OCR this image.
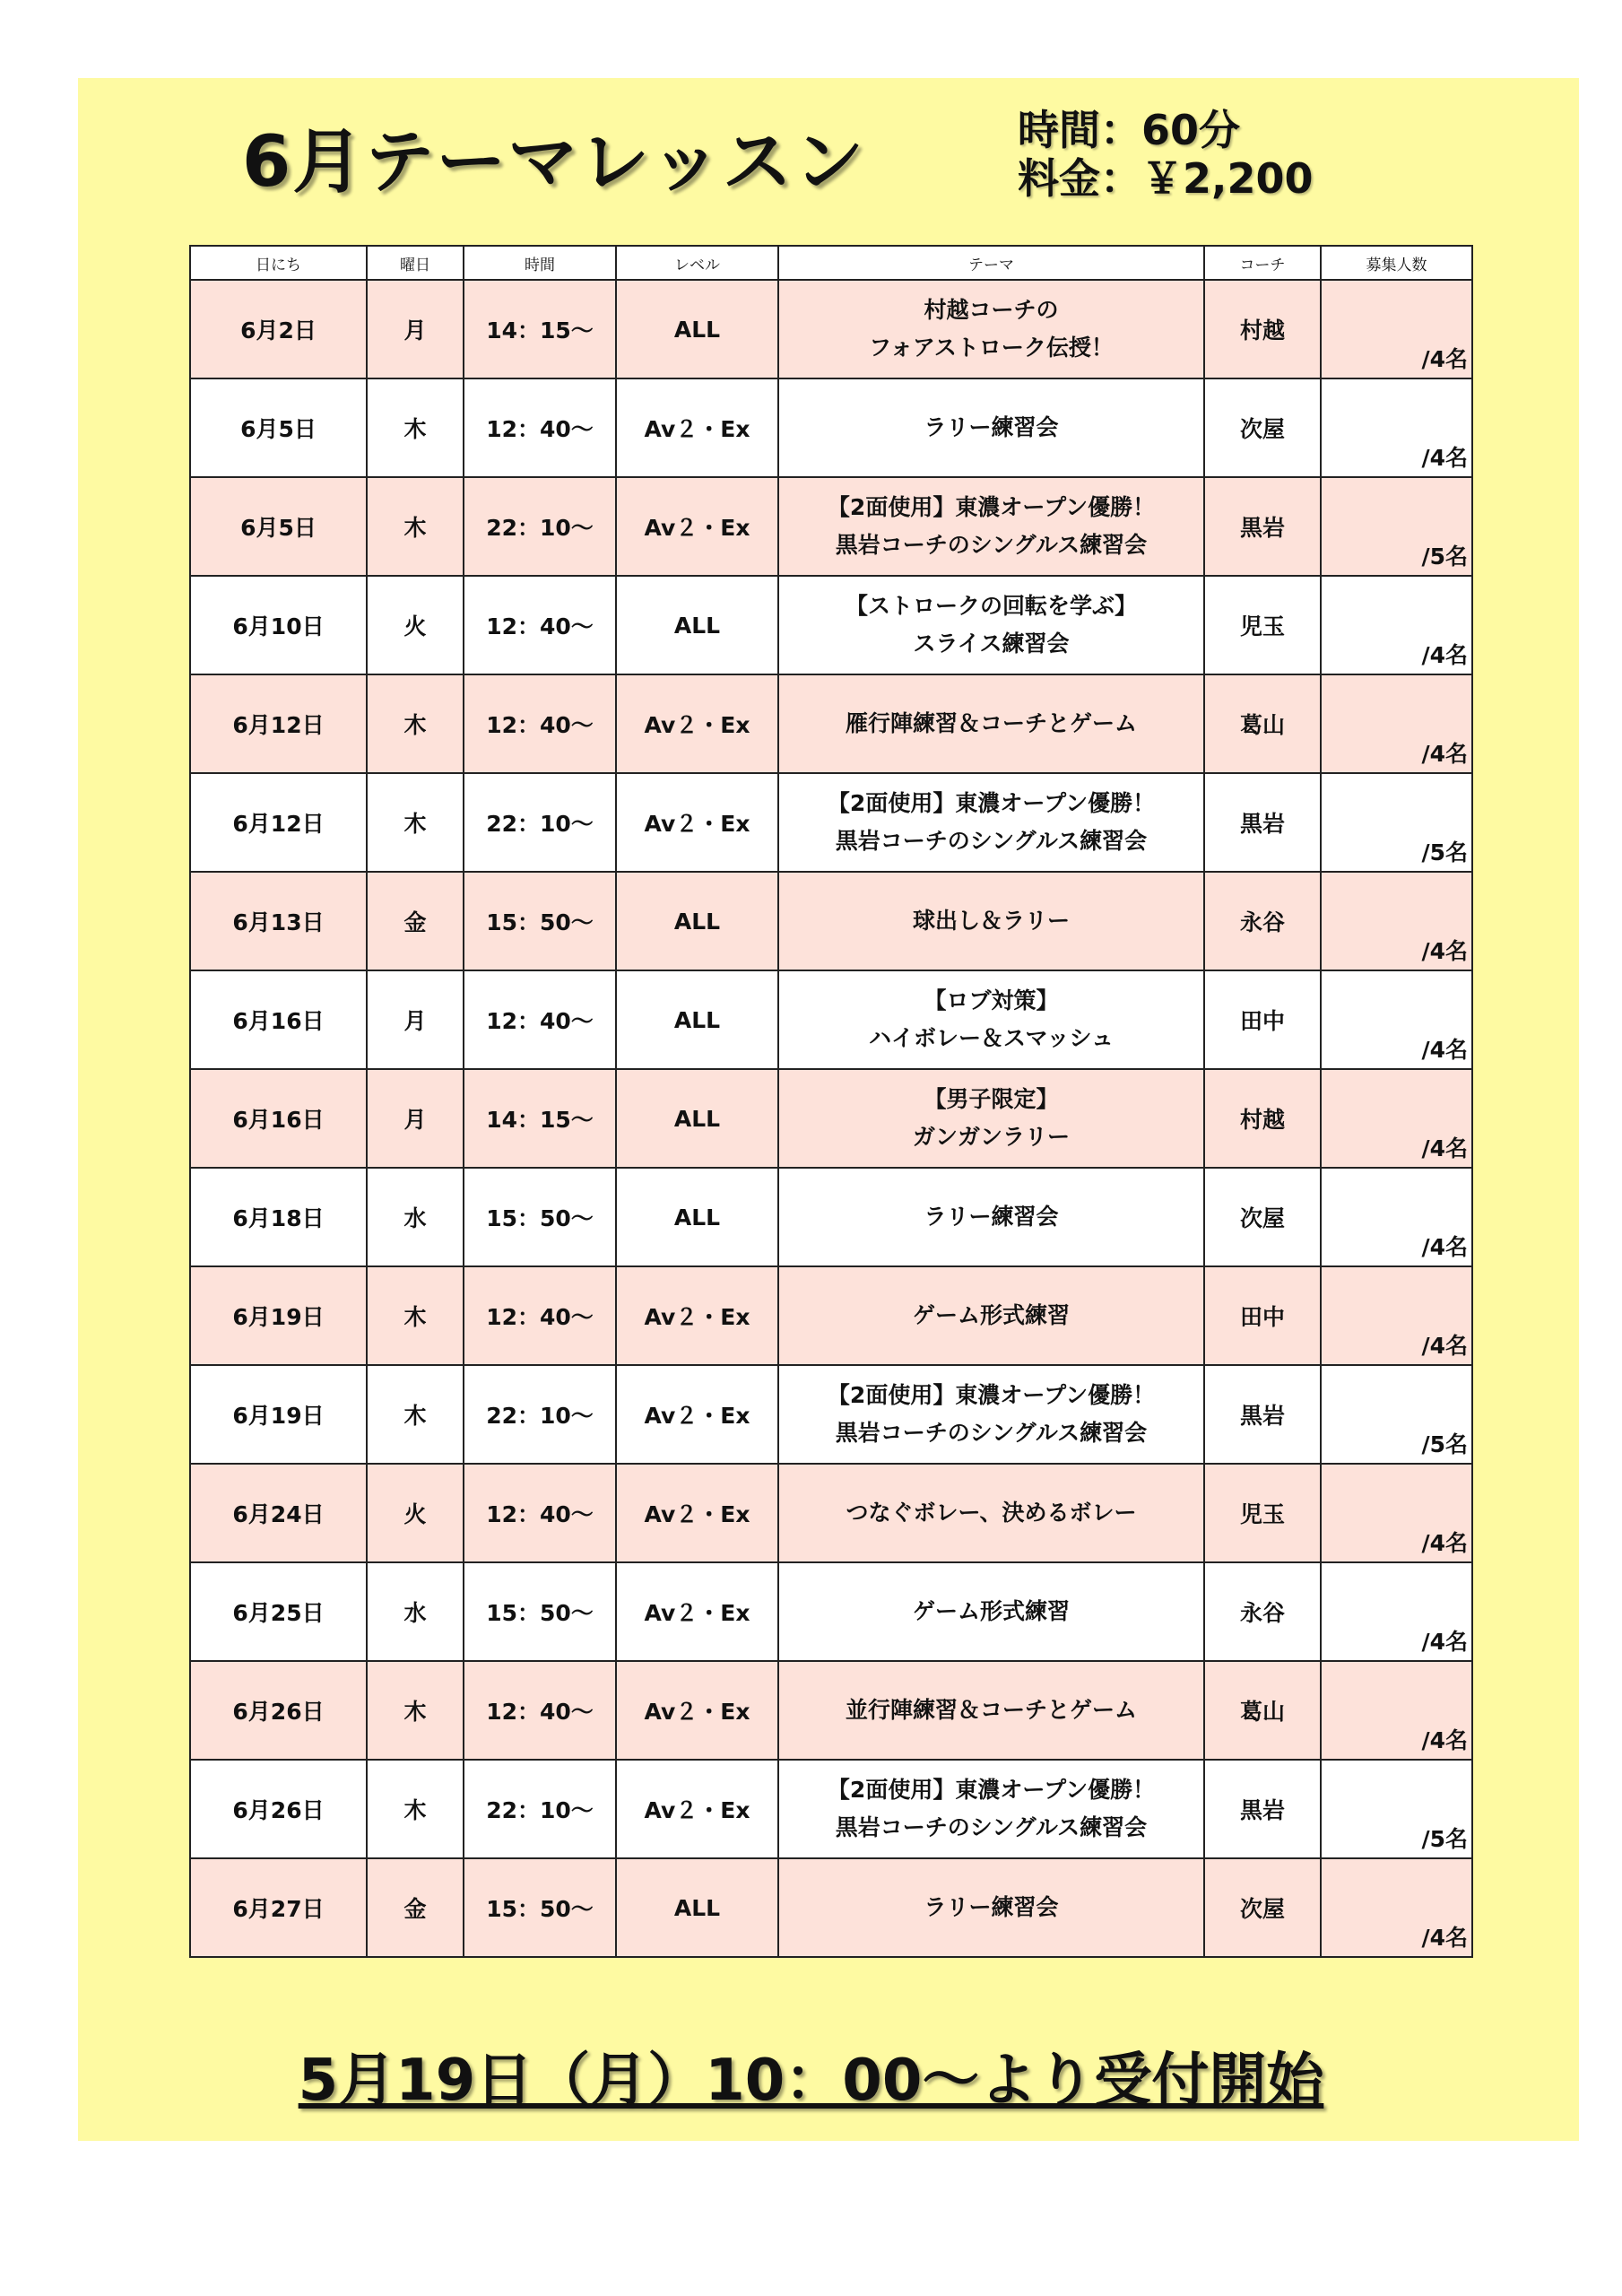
6月テーマレッスン	時間：60分
料金：￥2,200
日にち	曜日	時間	レベル	テーマ	コーチ	募集人数
6月2日	月	14：15～	ALL	村越コーチの
フォアストローク伝授！	村越	/4名

6月5日	木	12：40～	Av２・Ex	ラリー練習会	次屋	/4名

6月5日	木	22：10～	Av２・Ex	【2面使用】東濃オープン優勝！
黒岩コーチのシングルス練習会	黒岩	/5名

6月10日	火	12：40～	ALL	【ストロークの回転を学ぶ】
スライス練習会	児玉	/4名

6月12日	木	12：40～	Av２・Ex	雁行陣練習＆コーチとゲーム	葛山	/4名

6月12日	木	22：10～	Av２・Ex	【2面使用】東濃オープン優勝！
黒岩コーチのシングルス練習会	黒岩	/5名

6月13日	金	15：50～	ALL	球出し＆ラリー	永谷	/4名

6月16日	月	12：40～	ALL	【ロブ対策】
ハイボレー＆スマッシュ	田中	/4名

6月16日	月	14：15～	ALL	【男子限定】
ガンガンラリー	村越	/4名

6月18日	水	15：50～	ALL	ラリー練習会	次屋	/4名

6月19日	木	12：40～	Av２・Ex	ゲーム形式練習	田中	/4名

6月19日	木	22：10～	Av２・Ex	【2面使用】東濃オープン優勝！
黒岩コーチのシングルス練習会	黒岩	/5名

6月24日	火	12：40～	Av２・Ex	つなぐボレー、決めるボレー	児玉	/4名

6月25日	水	15：50～	Av２・Ex	ゲーム形式練習	永谷	/4名

6月26日	木	12：40～	Av２・Ex	並行陣練習＆コーチとゲーム	葛山	/4名

6月26日	木	22：10～	Av２・Ex	【2面使用】東濃オープン優勝！
黒岩コーチのシングルス練習会	黒岩	/5名

6月27日	金	15：50～	ALL	ラリー練習会	次屋	/4名
5月19日（月）10：00～より受付開始
